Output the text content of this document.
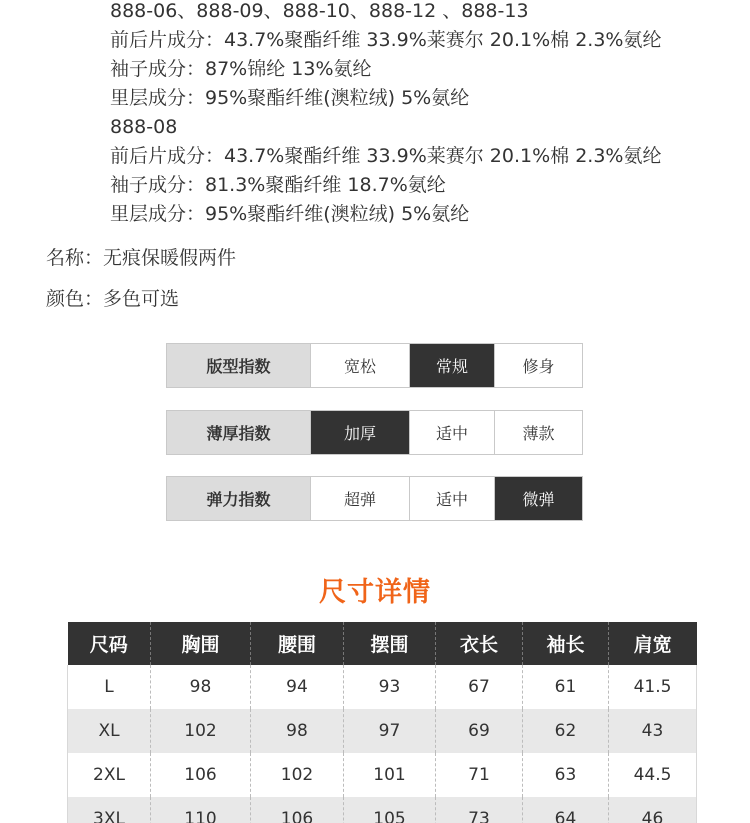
888-06、888-09、888-10、888-12 、888-13
前后片成分：43.7%聚酯纤维 33.9%莱赛尔 20.1%棉 2.3%氨纶
袖子成分：87%锦纶 13%氨纶
里层成分：95%聚酯纤维(澳粒绒) 5%氨纶
888-08
前后片成分：43.7%聚酯纤维 33.9%莱赛尔 20.1%棉 2.3%氨纶
袖子成分：81.3%聚酯纤维 18.7%氨纶
里层成分：95%聚酯纤维(澳粒绒) 5%氨纶
名称：无痕保暖假两件
颜色：多色可选
版型指数	宽松	常规	修身
薄厚指数	加厚	适中	薄款
弹力指数	超弹	适中	微弹
尺寸详情
尺码	胸围	腰围	摆围	衣长	袖长	肩宽
L	98	94	93	67	61	41.5
XL	102	98	97	69	62	43
2XL	106	102	101	71	63	44.5
3XL	110	106	105	73	64	46
